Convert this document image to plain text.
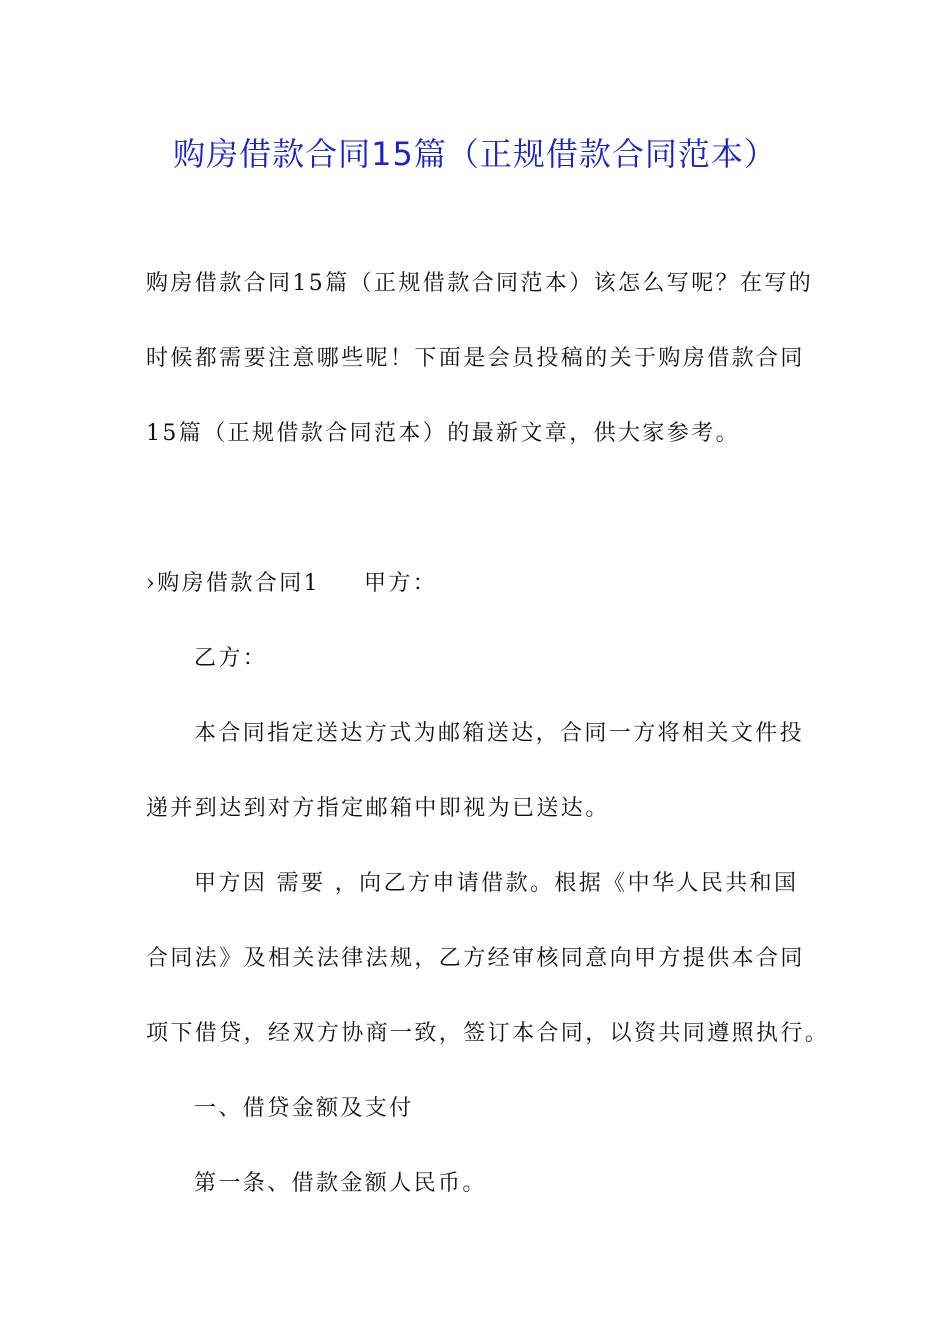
购房借款合同15篇（正规借款合同范本）
购房借款合同15篇（正规借款合同范本）该怎么写呢？在写的
时候都需要注意哪些呢！下面是会员投稿的关于购房借款合同
15篇（正规借款合同范本）的最新文章，供大家参考。
›购房借款合同1 甲方：
乙方：
本合同指定送达方式为邮箱送达，合同一方将相关文件投
递并到达到对方指定邮箱中即视为已送达。
甲方因 需要 ，向乙方申请借款。根据《中华人民共和国
合同法》及相关法律法规，乙方经审核同意向甲方提供本合同
项下借贷，经双方协商一致，签订本合同，以资共同遵照执行。
一、借贷金额及支付
第一条、借款金额人民币。
